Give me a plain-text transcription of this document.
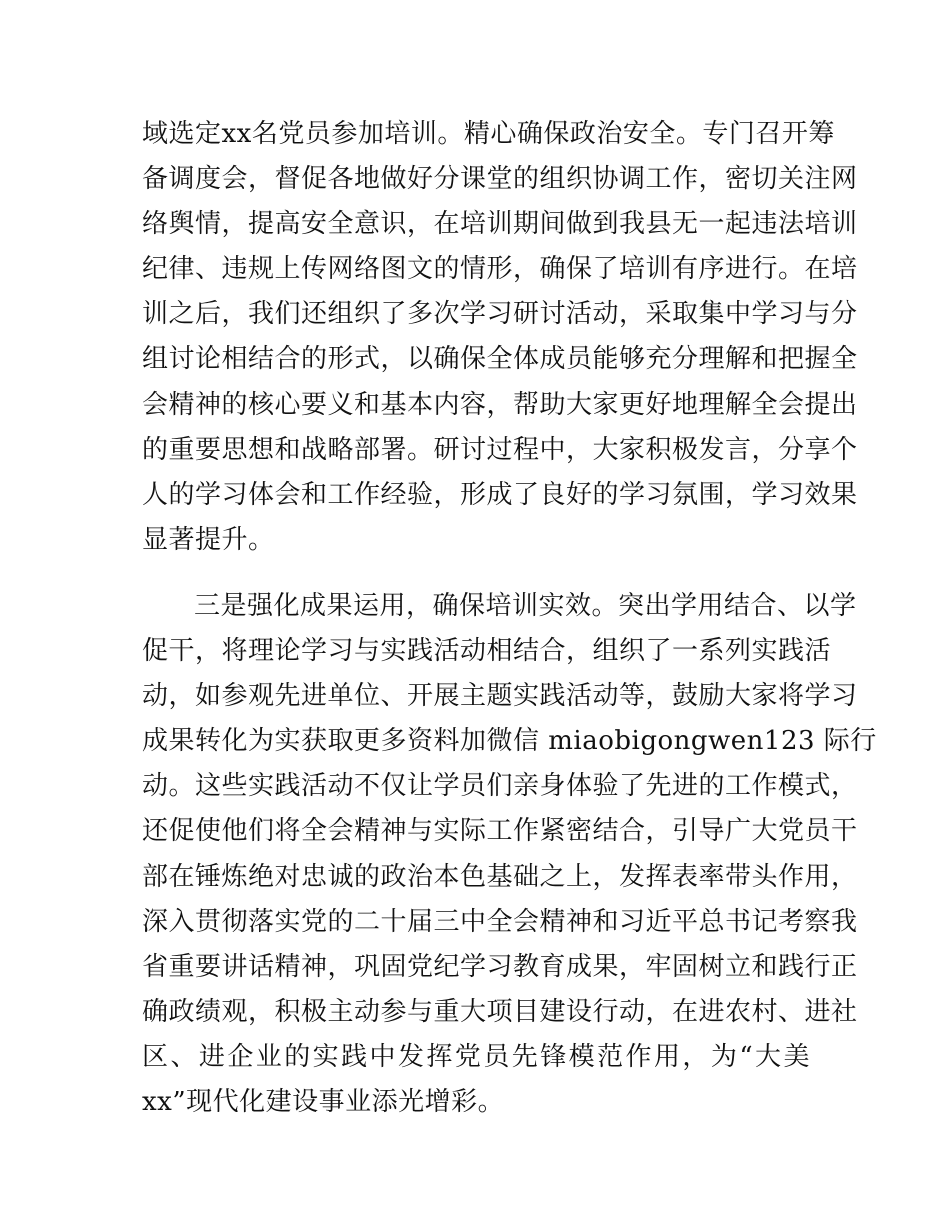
域选定xx名党员参加培训。精心确保政治安全。专门召开筹
备调度会，督促各地做好分课堂的组织协调工作，密切关注网
络舆情，提高安全意识，在培训期间做到我县无一起违法培训
纪律、违规上传网络图文的情形，确保了培训有序进行。在培
训之后，我们还组织了多次学习研讨活动，采取集中学习与分
组讨论相结合的形式，以确保全体成员能够充分理解和把握全
会精神的核心要义和基本内容，帮助大家更好地理解全会提出
的重要思想和战略部署。研讨过程中，大家积极发言，分享个
人的学习体会和工作经验，形成了良好的学习氛围，学习效果
显著提升。
三是强化成果运用，确保培训实效。突出学用结合、以学
促干，将理论学习与实践活动相结合，组织了一系列实践活
动，如参观先进单位、开展主题实践活动等，鼓励大家将学习
成果转化为实获取更多资料加微信 miaobigongwen123 际行
动。这些实践活动不仅让学员们亲身体验了先进的工作模式，
还促使他们将全会精神与实际工作紧密结合，引导广大党员干
部在锤炼绝对忠诚的政治本色基础之上，发挥表率带头作用，
深入贯彻落实党的二十届三中全会精神和习近平总书记考察我
省重要讲话精神，巩固党纪学习教育成果，牢固树立和践行正
确政绩观，积极主动参与重大项目建设行动，在进农村、进社
区、进企业的实践中发挥党员先锋模范作用，为“大美
xx”现代化建设事业添光增彩。
